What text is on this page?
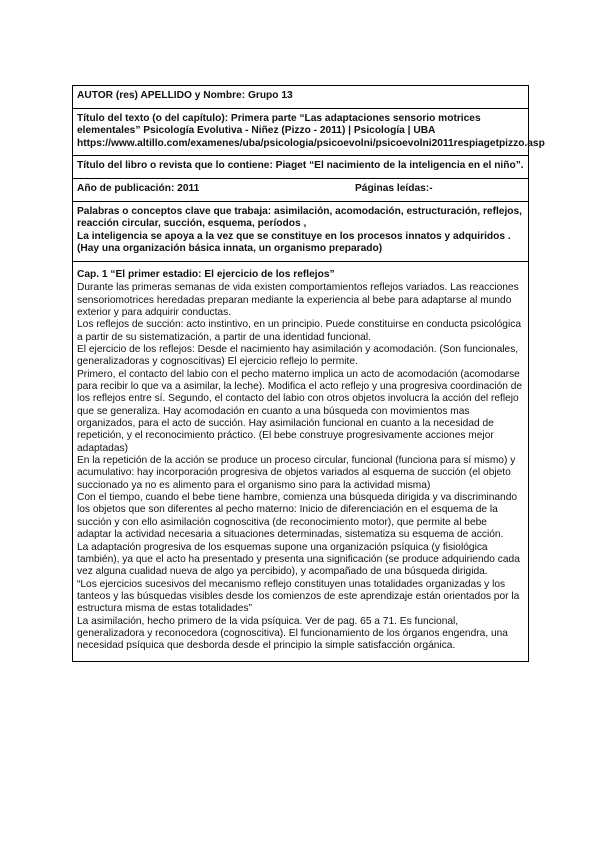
AUTOR (res) APELLIDO y Nombre: Grupo 13
Título del texto (o del capítulo): Primera parte “Las adaptaciones sensorio motrices elementales” Psicología Evolutiva - Niñez (Pizzo - 2011) | Psicología | UBA https://www.altillo.com/examenes/uba/psicologia/psicoevolni/psicoevolni2011respiagetpizzo.asp
Título del libro o revista que lo contiene: Piaget “El nacimiento de la inteligencia en el niño”.
Año de publicación: 2011	Páginas leídas:-
Palabras o conceptos clave que trabaja: asimilación, acomodación, estructuración, reflejos, reacción circular, succión, esquema, períodos ,
La inteligencia se apoya a la vez que se constituye en los procesos innatos y adquiridos . (Hay una organización básica innata, un organismo preparado)
Cap. 1 “El primer estadio: El ejercicio de los reflejos”

Durante las primeras semanas de vida existen comportamientos reflejos variados. Las reacciones sensoriomotrices heredadas preparan mediante la experiencia al bebe para adaptarse al mundo exterior y para adquirir conductas.

Los reflejos de succión: acto instintivo, en un principio. Puede constituirse en conducta psicológica a partir de su sistematización, a partir de una identidad funcional.

El ejercicio de los reflejos: Desde el nacimiento hay asimilación y acomodación. (Son funcionales, generalizadoras y cognoscitivas) El ejercicio reflejo lo permite.

Primero, el contacto del labio con el pecho materno implica un acto de acomodación (acomodarse para recibir lo que va a asimilar, la leche). Modifica el acto reflejo y una progresiva coordinación de los reflejos entre sí. Segundo, el contacto del labio con otros objetos involucra la acción del reflejo que se generaliza. Hay acomodación en cuanto a una búsqueda con movimientos mas organizados, para el acto de succión. Hay asimilación funcional en cuanto a la necesidad de repetición, y el reconocimiento práctico. (El bebe construye progresivamente acciones mejor adaptadas)

En la repetición de la acción se produce un proceso circular, funcional (funciona para sí mismo) y acumulativo: hay incorporación progresiva de objetos variados al esquema de succión (el objeto succionado ya no es alimento para el organismo sino para la actividad misma)

Con el tiempo, cuando el bebe tiene hambre, comienza una búsqueda dirigida y va discriminando los objetos que son diferentes al pecho materno: Inicio de diferenciación en el esquema de la succión y con ello asimilación cognoscitiva (de reconocimiento motor), que permite al bebe adaptar la actividad necesaria a situaciones determinadas, sistematiza su esquema de acción.

La adaptación progresiva de los esquemas supone una organización psíquica (y fisiológica también), ya que el acto ha presentado y presenta una significación (se produce adquiriendo cada vez alguna cualidad nueva de algo ya percibido), y acompañado de una búsqueda dirigida.

“Los ejercicios sucesivos del mecanismo reflejo constituyen unas totalidades organizadas y los tanteos y las búsquedas visibles desde los comienzos de este aprendizaje están orientados por la estructura misma de estas totalidades”

La asimilación, hecho primero de la vida psíquica. Ver de pag. 65 a 71. Es funcional, generalizadora y reconocedora (cognoscitiva). El funcionamiento de los órganos engendra, una necesidad psíquica que desborda desde el principio la simple satisfacción orgánica.
